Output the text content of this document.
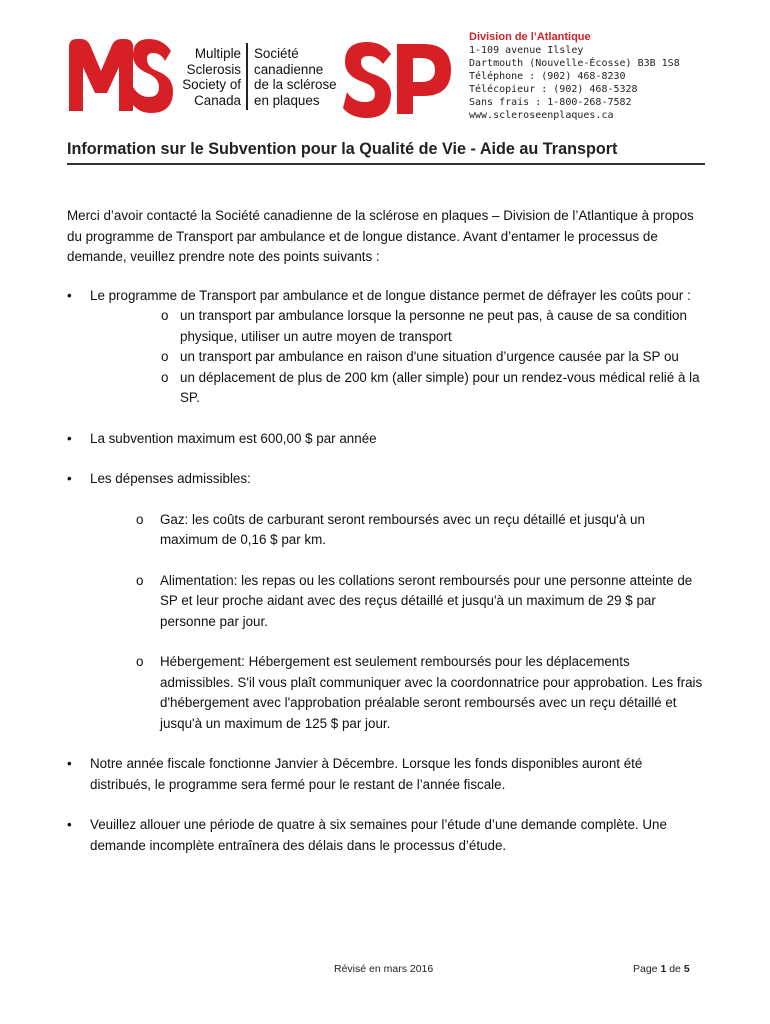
Multiple
Sclerosis
Society of
Canada
Société
canadienne
de la sclérose
en plaques
Division de l’Atlantique
1-109 avenue Ilsley
Dartmouth (Nouvelle-Écosse) B3B 1S8
Téléphone : (902) 468-8230
Télécopieur : (902) 468-5328
Sans frais : 1-800-268-7582
www.scleroseenplaques.ca
Information sur le Subvention pour la Qualité de Vie - Aide au Transport

Merci d’avoir contacté la Société canadienne de la sclérose en plaques – Division de l’Atlantique à propos du programme de Transport par ambulance et de longue distance. Avant d’entamer le processus de demande, veuillez prendre note des points suivants :

•	Le programme de Transport par ambulance et de longue distance permet de défrayer les coûts pour :
o un transport par ambulance lorsque la personne ne peut pas, à cause de sa condition physique, utiliser un autre moyen de transport
o un transport par ambulance en raison d'une situation d’urgence causée par la SP ou
o un déplacement de plus de 200 km (aller simple) pour un rendez-vous médical relié à la SP.
•	La subvention maximum est 600,00 $ par année
•	Les dépenses admissibles:
o Gaz: les coûts de carburant seront remboursés avec un reçu détaillé et jusqu'à un maximum de 0,16 $ par km.
o Alimentation: les repas ou les collations seront remboursés pour une personne atteinte de SP et leur proche aidant avec des reçus détaillé et jusqu'à un maximum de 29 $ par personne par jour.
o Hébergement: Hébergement est seulement remboursés pour les déplacements admissibles. S'il vous plaît communiquer avec la coordonnatrice pour approbation. Les frais d'hébergement avec l'approbation préalable seront remboursés avec un reçu détaillé et jusqu'à un maximum de 125 $ par jour.
•	Notre année fiscale fonctionne Janvier à Décembre. Lorsque les fonds disponibles auront été distribués, le programme sera fermé pour le restant de l’année fiscale.
•	Veuillez allouer une période de quatre à six semaines pour l’étude d’une demande complète. Une demande incomplète entraînera des délais dans le processus d’étude.
Révisé en mars 2016	Page 1 de 5
